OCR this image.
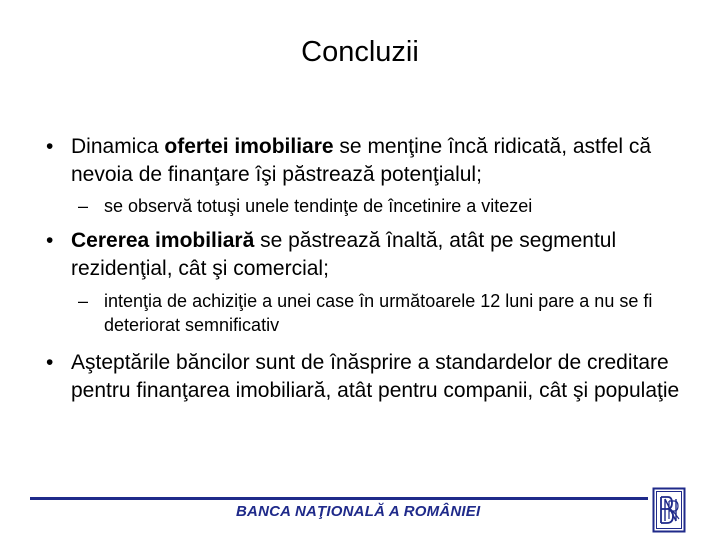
Concluzii
• Dinamica ofertei imobiliare se menţine încă ridicată, astfel că nevoia de finanţare îşi păstrează potenţialul;
– se observă totuşi unele tendinţe de încetinire a vitezei
• Cererea imobiliară se păstrează înaltă, atât pe segmentul rezidenţial, cât şi comercial;
– intenţia de achiziţie a unei case în următoarele 12 luni pare a nu se fi deteriorat semnificativ
• Aşteptările băncilor sunt de înăsprire a standardelor de creditare pentru finanţarea imobiliară, atât pentru companii, cât şi populaţie
BANCA NAŢIONALĂ A ROMÂNIEI
